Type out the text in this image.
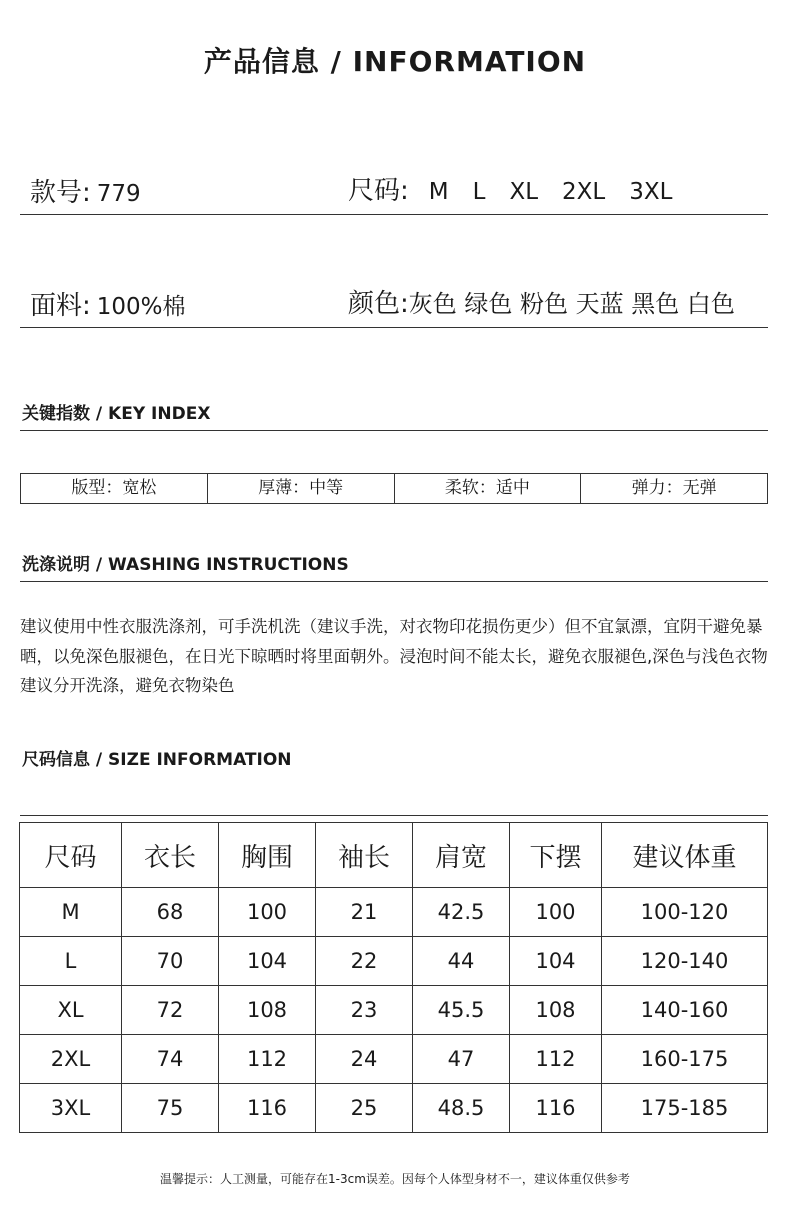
产品信息 / INFORMATION
款号: 779	尺码: M L XL 2XL 3XL
面料: 100%棉	颜色:灰色 绿色 粉色 天蓝 黑色 白色
关键指数 / KEY INDEX
版型：宽松	厚薄：中等	柔软：适中	弹力：无弹
洗涤说明 / WASHING INSTRUCTIONS
建议使用中性衣服洗涤剂，可手洗机洗（建议手洗，对衣物印花损伤更少）但不宜氯漂，宜阴干避免暴晒，以免深色服褪色，在日光下晾晒时将里面朝外。浸泡时间不能太长，避免衣服褪色,深色与浅色衣物建议分开洗涤，避免衣物染色
尺码信息 / SIZE INFORMATION
尺码	衣长	胸围	袖长	肩宽	下摆	建议体重
M	68	100	21	42.5	100	100-120
L	70	104	22	44	104	120-140
XL	72	108	23	45.5	108	140-160
2XL	74	112	24	47	112	160-175
3XL	75	116	25	48.5	116	175-185
温馨提示：人工测量，可能存在1-3cm误差。因每个人体型身材不一，建议体重仅供参考
